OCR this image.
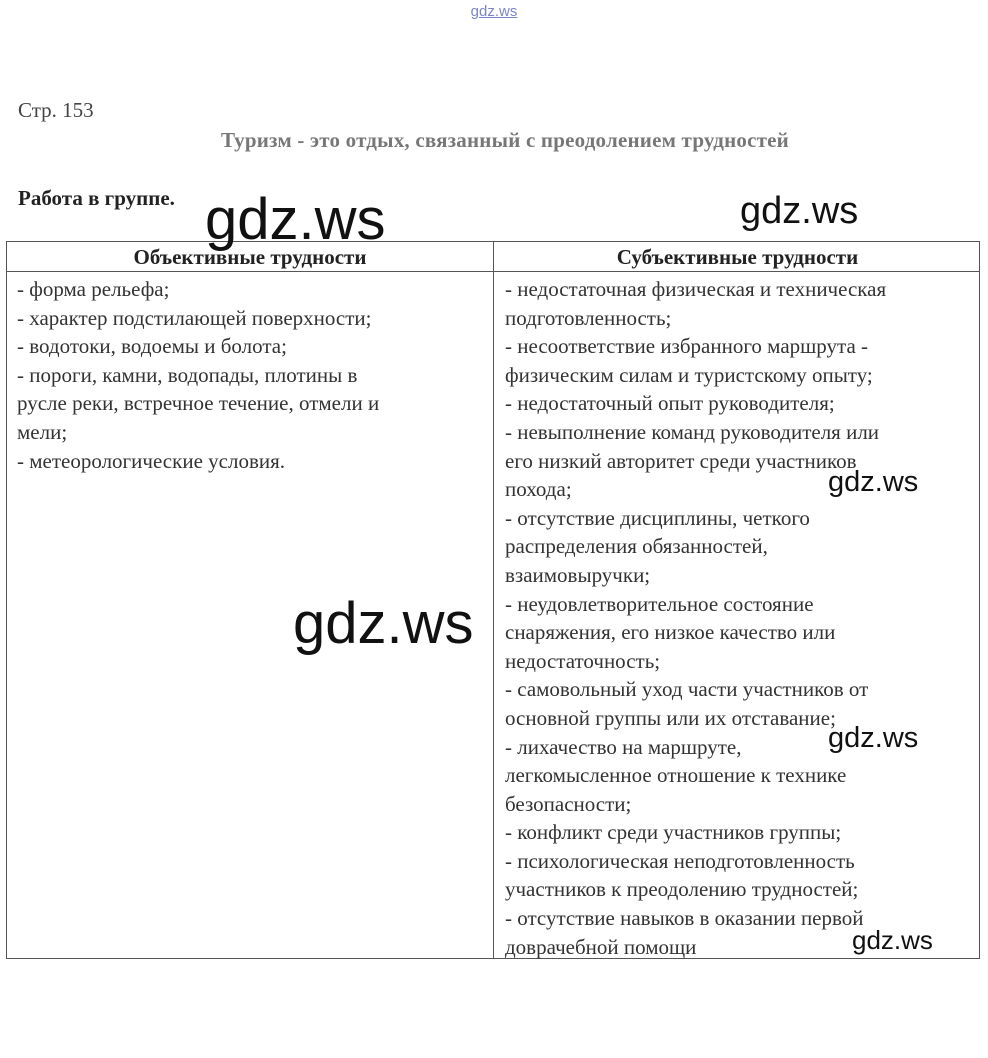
gdz.ws
Стр. 153
Туризм - это отдых, связанный с преодолением трудностей
Работа в группе.
Объективные трудности	Субъективные трудности
- форма рельефа;
- характер подстилающей поверхности;
- водотоки, водоемы и болота;
- пороги, камни, водопады, плотины в
русле реки, встречное течение, отмели и
мели;
- метеорологические условия.
- недостаточная физическая и техническая
подготовленность;
- несоответствие избранного маршрута -
физическим силам и туристскому опыту;
- недостаточный опыт руководителя;
- невыполнение команд руководителя или
его низкий авторитет среди участников
похода;
- отсутствие дисциплины, четкого
распределения обязанностей,
взаимовыручки;
- неудовлетворительное состояние
снаряжения, его низкое качество или
недостаточность;
- самовольный уход части участников от
основной группы или их отставание;
- лихачество на маршруте,
легкомысленное отношение к технике
безопасности;
- конфликт среди участников группы;
- психологическая неподготовленность
участников к преодолению трудностей;
- отсутствие навыков в оказании первой
доврачебной помощи
gdz.ws	gdz.ws
gdz.ws
gdz.ws
gdz.ws
gdz.ws
